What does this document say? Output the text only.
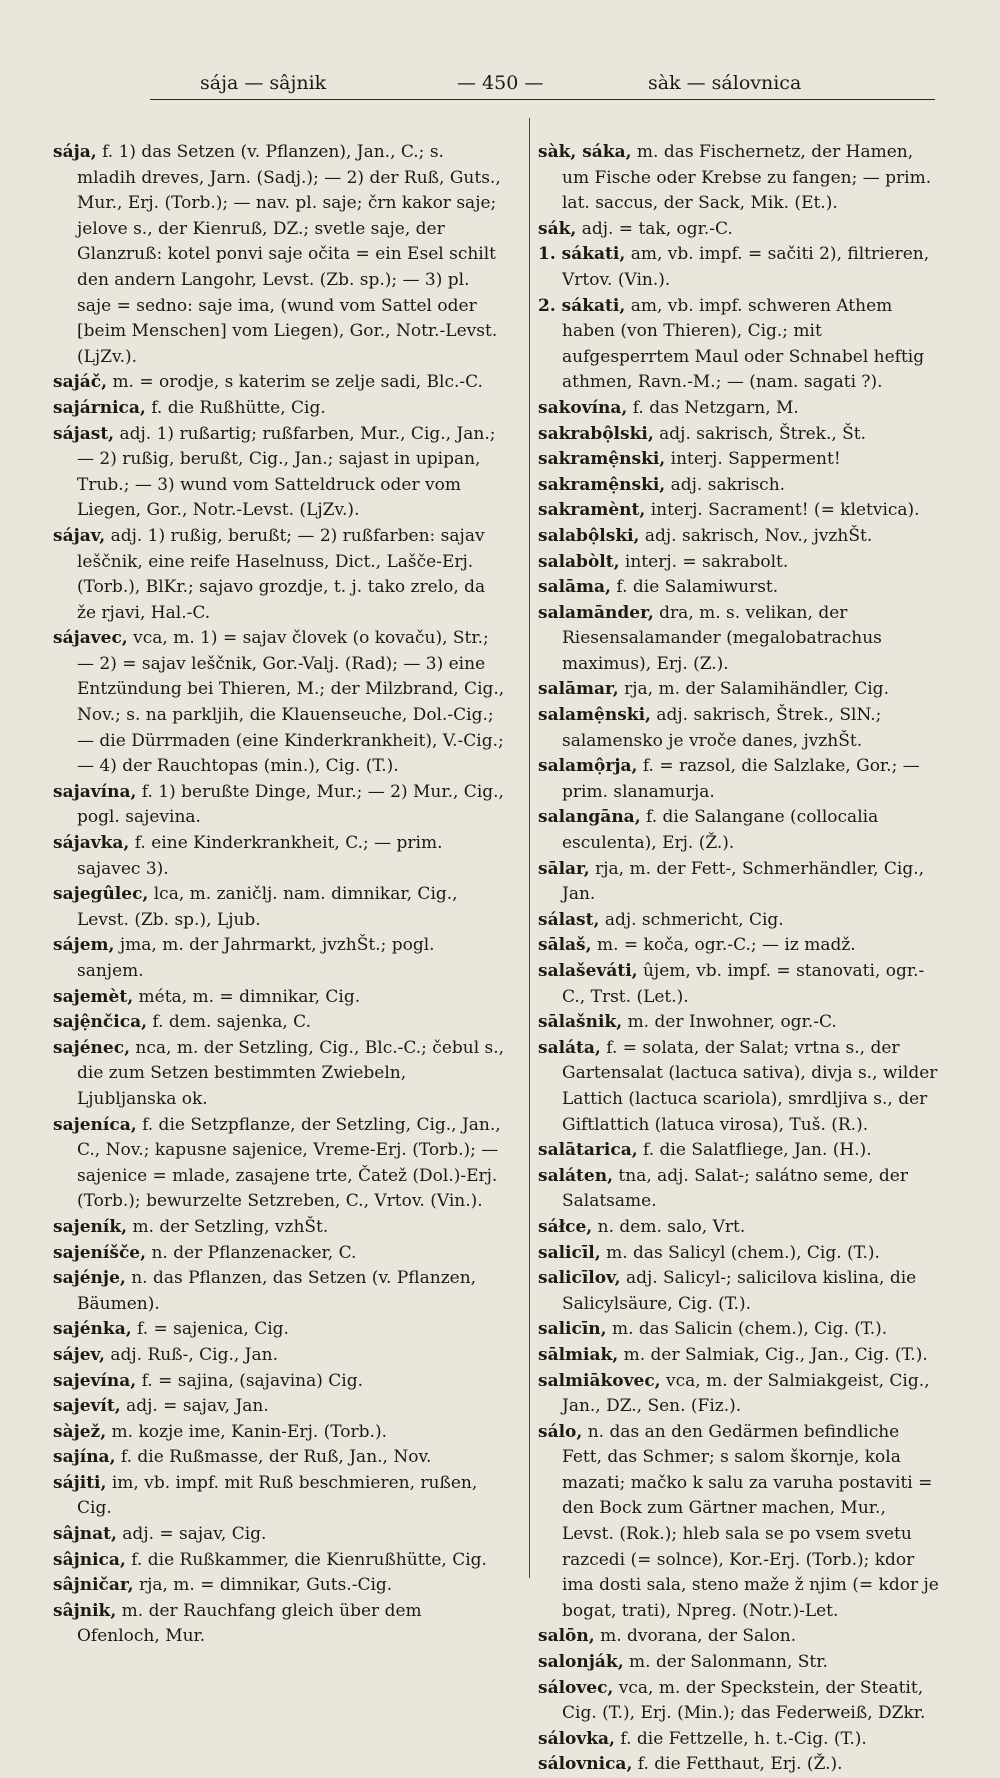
sája — sâjnik	— 450 —	sàk — sálovnica

sája, f. 1) das Setzen (v. Pflanzen), Jan., C.; s. mladih dreves, Jarn. (Sadj.); — 2) der Ruß, Guts., Mur., Erj. (Torb.); — nav. pl. saje; črn kakor saje; jelove s., der Kienruß, DZ.; svetle saje, der Glanzruß: kotel ponvi saje očita = ein Esel schilt den andern Langohr, Levst. (Zb. sp.); — 3) pl. saje = sedno: saje ima, (wund vom Sattel oder [beim Menschen] vom Liegen), Gor., Notr.-Levst. (LjZv.).

sajáč, m. = orodje, s katerim se zelje sadi, Blc.-C.

sajárnica, f. die Rußhütte, Cig.

sájast, adj. 1) rußartig; rußfarben, Mur., Cig., Jan.; — 2) rußig, berußt, Cig., Jan.; sajast in upipan, Trub.; — 3) wund vom Satteldruck oder vom Liegen, Gor., Notr.-Levst. (LjZv.).

sájav, adj. 1) rußig, berußt; — 2) rußfarben: sajav leščnik, eine reife Haselnuss, Dict., Lašče-Erj. (Torb.), BlKr.; sajavo grozdje, t. j. tako zrelo, da že rjavi, Hal.-C.

sájavec, vca, m. 1) = sajav človek (o kovaču), Str.; — 2) = sajav leščnik, Gor.-Valj. (Rad); — 3) eine Entzündung bei Thieren, M.; der Milzbrand, Cig., Nov.; s. na parkljih, die Klauenseuche, Dol.-Cig.; — die Dürrmaden (eine Kinderkrankheit), V.-Cig.; — 4) der Rauchtopas (min.), Cig. (T.).

sajavína, f. 1) berußte Dinge, Mur.; — 2) Mur., Cig., pogl. sajevina.

sájavka, f. eine Kinderkrankheit, C.; — prim. sajavec 3).

sajegûlec, lca, m. zaničlj. nam. dimnikar, Cig., Levst. (Zb. sp.), Ljub.

sájem, jma, m. der Jahrmarkt, jvzhŠt.; pogl. sanjem.

sajemèt, méta, m. = dimnikar, Cig.

sajệnčica, f. dem. sajenka, C.

sajénec, nca, m. der Setzling, Cig., Blc.-C.; čebul s., die zum Setzen bestimmten Zwiebeln, Ljubljanska ok.

sajeníca, f. die Setzpflanze, der Setzling, Cig., Jan., C., Nov.; kapusne sajenice, Vreme-Erj. (Torb.); — sajenice = mlade, zasajene trte, Čatež (Dol.)-Erj. (Torb.); bewurzelte Setzreben, C., Vrtov. (Vin.).

sajeník, m. der Setzling, vzhŠt.

sajeníšče, n. der Pflanzenacker, C.

sajénje, n. das Pflanzen, das Setzen (v. Pflanzen, Bäumen).

sajénka, f. = sajenica, Cig.

sájev, adj. Ruß-, Cig., Jan.

sajevína, f. = sajina, (sajavina) Cig.

sajevít, adj. = sajav, Jan.

sàjež, m. kozje ime, Kanin-Erj. (Torb.).

sajína, f. die Rußmasse, der Ruß, Jan., Nov.

sájiti, im, vb. impf. mit Ruß beschmieren, rußen, Cig.

sâjnat, adj. = sajav, Cig.

sâjnica, f. die Rußkammer, die Kienrußhütte, Cig.

sâjničar, rja, m. = dimnikar, Guts.-Cig.

sâjnik, m. der Rauchfang gleich über dem Ofenloch, Mur.

sàk, sáka, m. das Fischernetz, der Hamen, um Fische oder Krebse zu fangen; — prim. lat. saccus, der Sack, Mik. (Et.).

sák, adj. = tak, ogr.-C.

1. sákati, am, vb. impf. = sačiti 2), filtrieren, Vrtov. (Vin.).

2. sákati, am, vb. impf. schweren Athem haben (von Thieren), Cig.; mit aufgesperrtem Maul oder Schnabel heftig athmen, Ravn.-M.; — (nam. sagati ?).

sakovína, f. das Netzgarn, M.

sakrabộlski, adj. sakrisch, Štrek., Št.

sakramệnski, interj. Sapperment!

sakramệnski, adj. sakrisch.

sakramènt, interj. Sacrament! (= kletvica).

salabộlski, adj. sakrisch, Nov., jvzhŠt.

salabòlt, interj. = sakrabolt.

salāma, f. die Salamiwurst.

salamānder, dra, m. s. velikan, der Riesensalamander (megalobatrachus maximus), Erj. (Z.).

salāmar, rja, m. der Salamihändler, Cig.

salamệnski, adj. sakrisch, Štrek., SlN.; salamensko je vroče danes, jvzhŠt.

salamộrja, f. = razsol, die Salzlake, Gor.; — prim. slanamurja.

salangāna, f. die Salangane (collocalia esculenta), Erj. (Ž.).

sālar, rja, m. der Fett-, Schmerhändler, Cig., Jan.

sálast, adj. schmericht, Cig.

sālaš, m. = koča, ogr.-C.; — iz madž.

salaševáti, ûjem, vb. impf. = stanovati, ogr.-C., Trst. (Let.).

sālašnik, m. der Inwohner, ogr.-C.

saláta, f. = solata, der Salat; vrtna s., der Gartensalat (lactuca sativa), divja s., wilder Lattich (lactuca scariola), smrdljiva s., der Giftlattich (latuca virosa), Tuš. (R.).

salātarica, f. die Salatfliege, Jan. (H.).

saláten, tna, adj. Salat-; salátno seme, der Salatsame.

sáłce, n. dem. salo, Vrt.

salicīl, m. das Salicyl (chem.), Cig. (T.).

salicīlov, adj. Salicyl-; salicilova kislina, die Salicylsäure, Cig. (T.).

salicīn, m. das Salicin (chem.), Cig. (T.).

sālmiak, m. der Salmiak, Cig., Jan., Cig. (T.).

salmiākovec, vca, m. der Salmiakgeist, Cig., Jan., DZ., Sen. (Fiz.).

sálo, n. das an den Gedärmen befindliche Fett, das Schmer; s salom škornje, kola mazati; mačko k salu za varuha postaviti = den Bock zum Gärtner machen, Mur., Levst. (Rok.); hleb sala se po vsem svetu razcedi (= solnce), Kor.-Erj. (Torb.); kdor ima dosti sala, steno maže ž njim (= kdor je bogat, trati), Npreg. (Notr.)-Let.

salōn, m. dvorana, der Salon.

salonják, m. der Salonmann, Str.

sálovec, vca, m. der Speckstein, der Steatit, Cig. (T.), Erj. (Min.); das Federweiß, DZkr.

sálovka, f. die Fettzelle, h. t.-Cig. (T.).

sálovnica, f. die Fetthaut, Erj. (Ž.).
